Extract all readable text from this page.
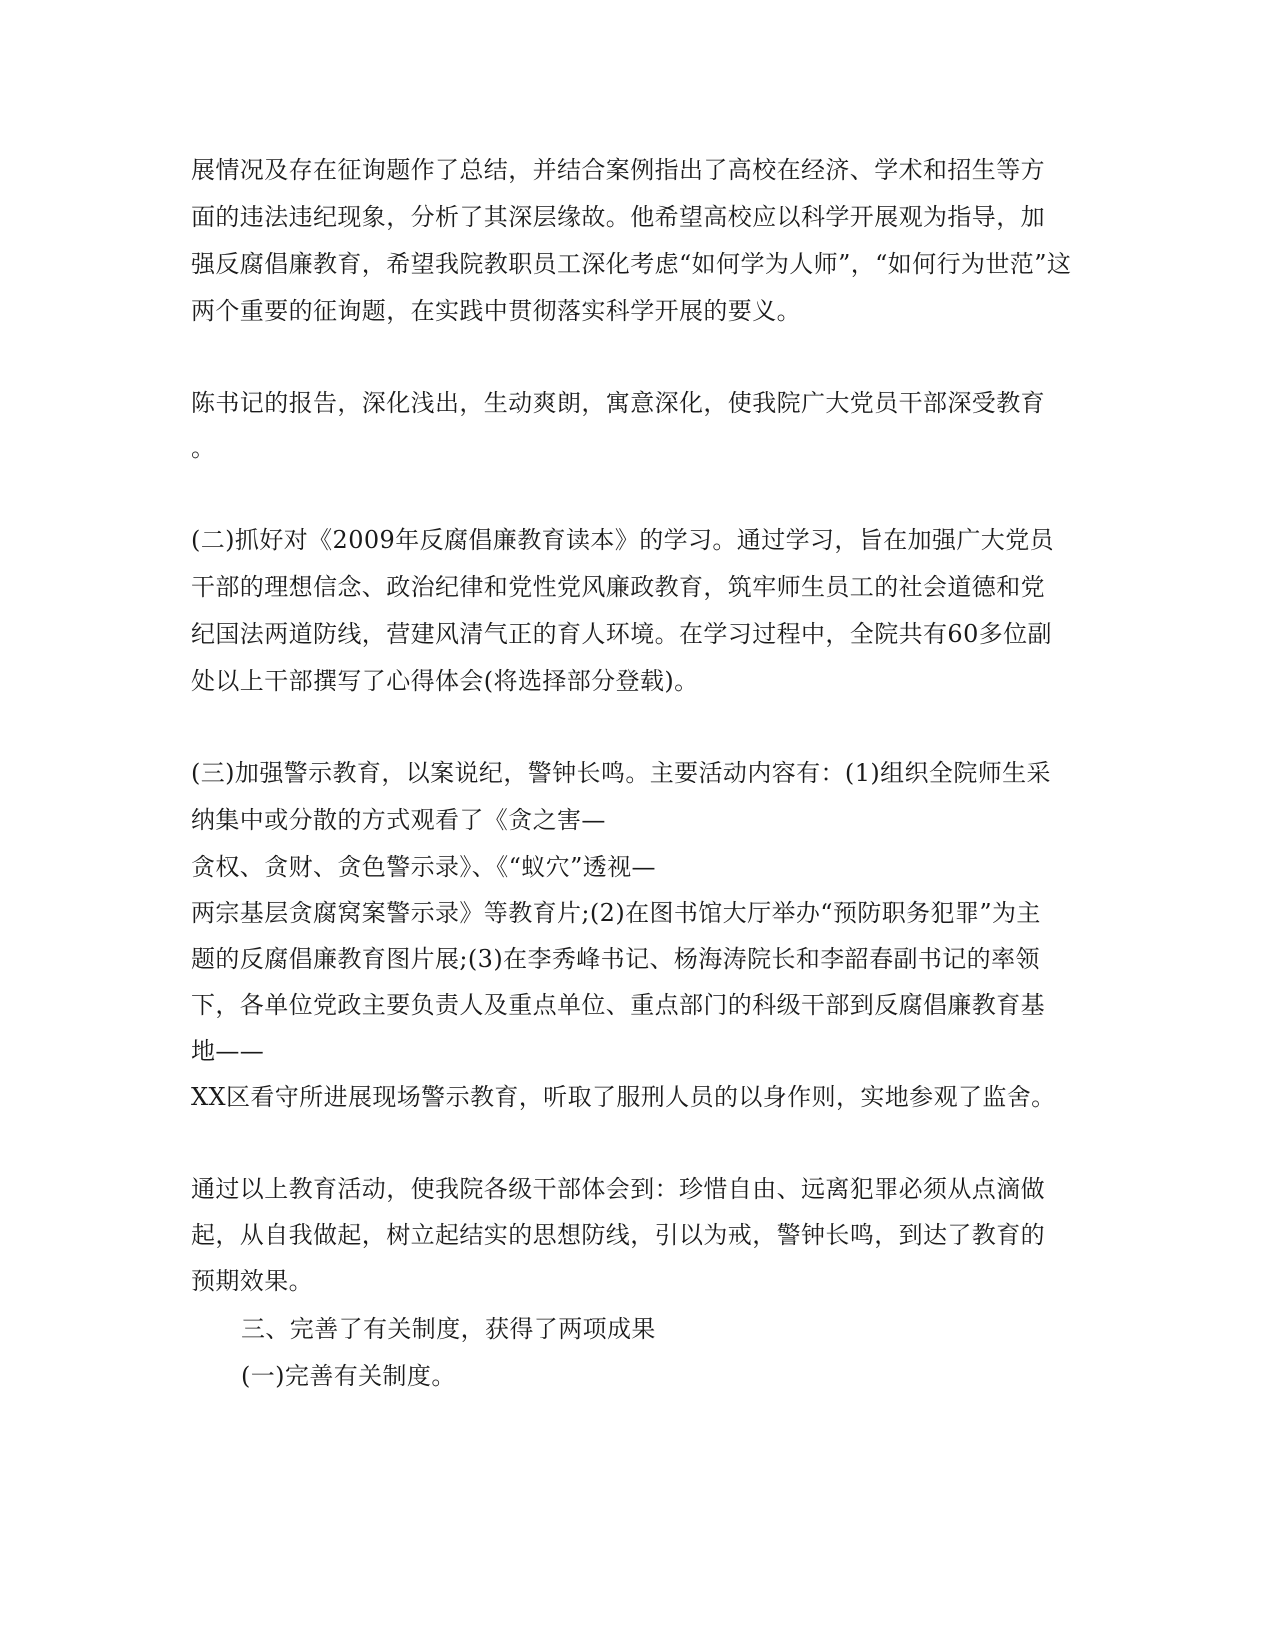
展情况及存在征询题作了总结，并结合案例指出了高校在经济、学术和招生等方
面的违法违纪现象，分析了其深层缘故。他希望高校应以科学开展观为指导，加
强反腐倡廉教育，希望我院教职员工深化考虑“如何学为人师”，“如何行为世范”这
两个重要的征询题，在实践中贯彻落实科学开展的要义。
陈书记的报告，深化浅出，生动爽朗，寓意深化，使我院广大党员干部深受教育
。
(二)抓好对《2009年反腐倡廉教育读本》的学习。通过学习，旨在加强广大党员
干部的理想信念、政治纪律和党性党风廉政教育，筑牢师生员工的社会道德和党
纪国法两道防线，营建风清气正的育人环境。在学习过程中，全院共有60多位副
处以上干部撰写了心得体会(将选择部分登载)。
(三)加强警示教育，以案说纪，警钟长鸣。主要活动内容有：(1)组织全院师生采
纳集中或分散的方式观看了《贪之害—
贪权、贪财、贪色警示录》、《“蚁穴”透视—
两宗基层贪腐窝案警示录》等教育片;(2)在图书馆大厅举办“预防职务犯罪”为主
题的反腐倡廉教育图片展;(3)在李秀峰书记、杨海涛院长和李韶春副书记的率领
下，各单位党政主要负责人及重点单位、重点部门的科级干部到反腐倡廉教育基
地——
XX区看守所进展现场警示教育，听取了服刑人员的以身作则，实地参观了监舍。
通过以上教育活动，使我院各级干部体会到：珍惜自由、远离犯罪必须从点滴做
起，从自我做起，树立起结实的思想防线，引以为戒，警钟长鸣，到达了教育的
预期效果。
三、完善了有关制度，获得了两项成果
(一)完善有关制度。
